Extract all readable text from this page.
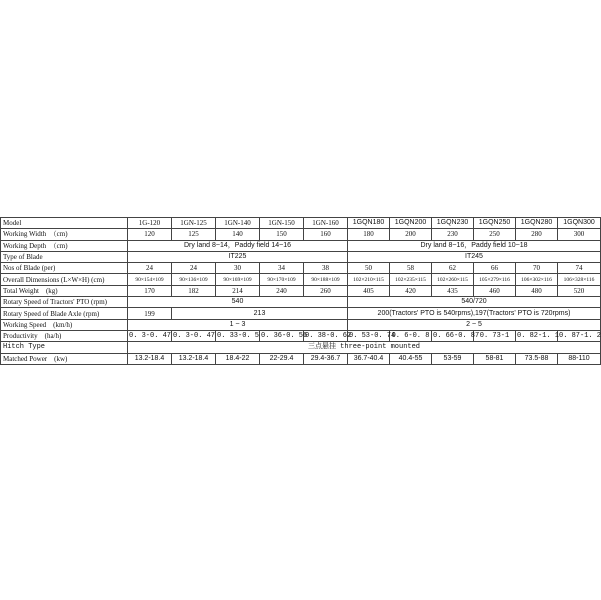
Model	1G-120	1GN-125	1GN-140	1GN-150	1GN-160	1GQN180	1GQN200	1GQN230	1GQN250	1GQN280	1GQN300
Working Width　（cm)	120	125	140	150	160	180	200	230	250	280	300
Working Depth　（cm)	Dry land 8~14，Paddy field 14~16					Dry land 8~16，Paddy field 10~18					
Type of Blade	IT225					IT245					
Nos of Blade (per)	24	24	30	34	38	50	58	62	66	70	74
Overall Dimensions (L×W×H) (cm)	90×154×109	90×136×109	90×169×109	90×170×109	90×188×109	102×210×115	102×235×115	102×260×115	105×279×116	106×302×116	106×328×116
Total Weight　(kg)	170	182	214	240	260	405	420	435	460	480	520
Rotary Speed of Tractors' PTO (rpm)	540					540/720					
Rotary Speed of Blade Axle (rpm)	199	213				200(Tractors' PTO is 540rpms),197(Tractors' PTO is 720rpms)					
Working Speed　(km/h)	1 ~ 3					2 ~ 5					
Productivity　(ha/h)	0. 3-0. 47	0. 3-0. 47	0. 33-0. 5	0. 36-0. 56	0. 38-0. 62	0. 53-0. 74	0. 6-0. 8	0. 66-0. 87	0. 73-1	0. 82-1. 1	0. 87-1. 2
Hitch Type	三点悬挂 three-point mounted										
Matched Power　(kw)	13.2-18.4	13.2-18.4	18.4-22	22-29.4	29.4-36.7	36.7-40.4	40.4-55	53-59	58-81	73.5-88	88-110
